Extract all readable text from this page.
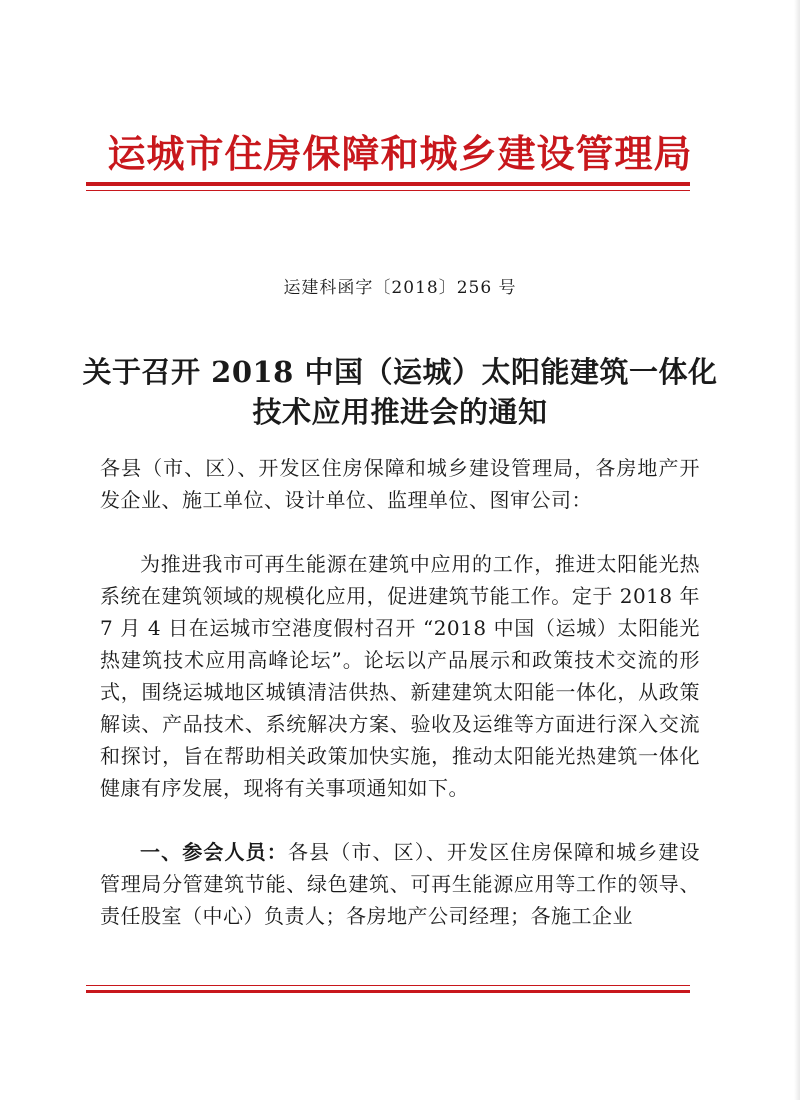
运城市住房保障和城乡建设管理局
运建科函字〔2018〕256 号
关于召开 2018 中国（运城）太阳能建筑一体化
技术应用推进会的通知
各县（市、区）、开发区住房保障和城乡建设管理局，各房地产开发企业、施工单位、设计单位、监理单位、图审公司：
为推进我市可再生能源在建筑中应用的工作，推进太阳能光热系统在建筑领域的规模化应用，促进建筑节能工作。定于 2018 年 7 月 4 日在运城市空港度假村召开 “2018 中国（运城）太阳能光热建筑技术应用高峰论坛”。论坛以产品展示和政策技术交流的形式，围绕运城地区城镇清洁供热、新建建筑太阳能一体化，从政策解读、产品技术、系统解决方案、验收及运维等方面进行深入交流和探讨，旨在帮助相关政策加快实施，推动太阳能光热建筑一体化健康有序发展，现将有关事项通知如下。
一、参会人员：各县（市、区）、开发区住房保障和城乡建设管理局分管建筑节能、绿色建筑、可再生能源应用等工作的领导、责任股室（中心）负责人；各房地产公司经理；各施工企业
